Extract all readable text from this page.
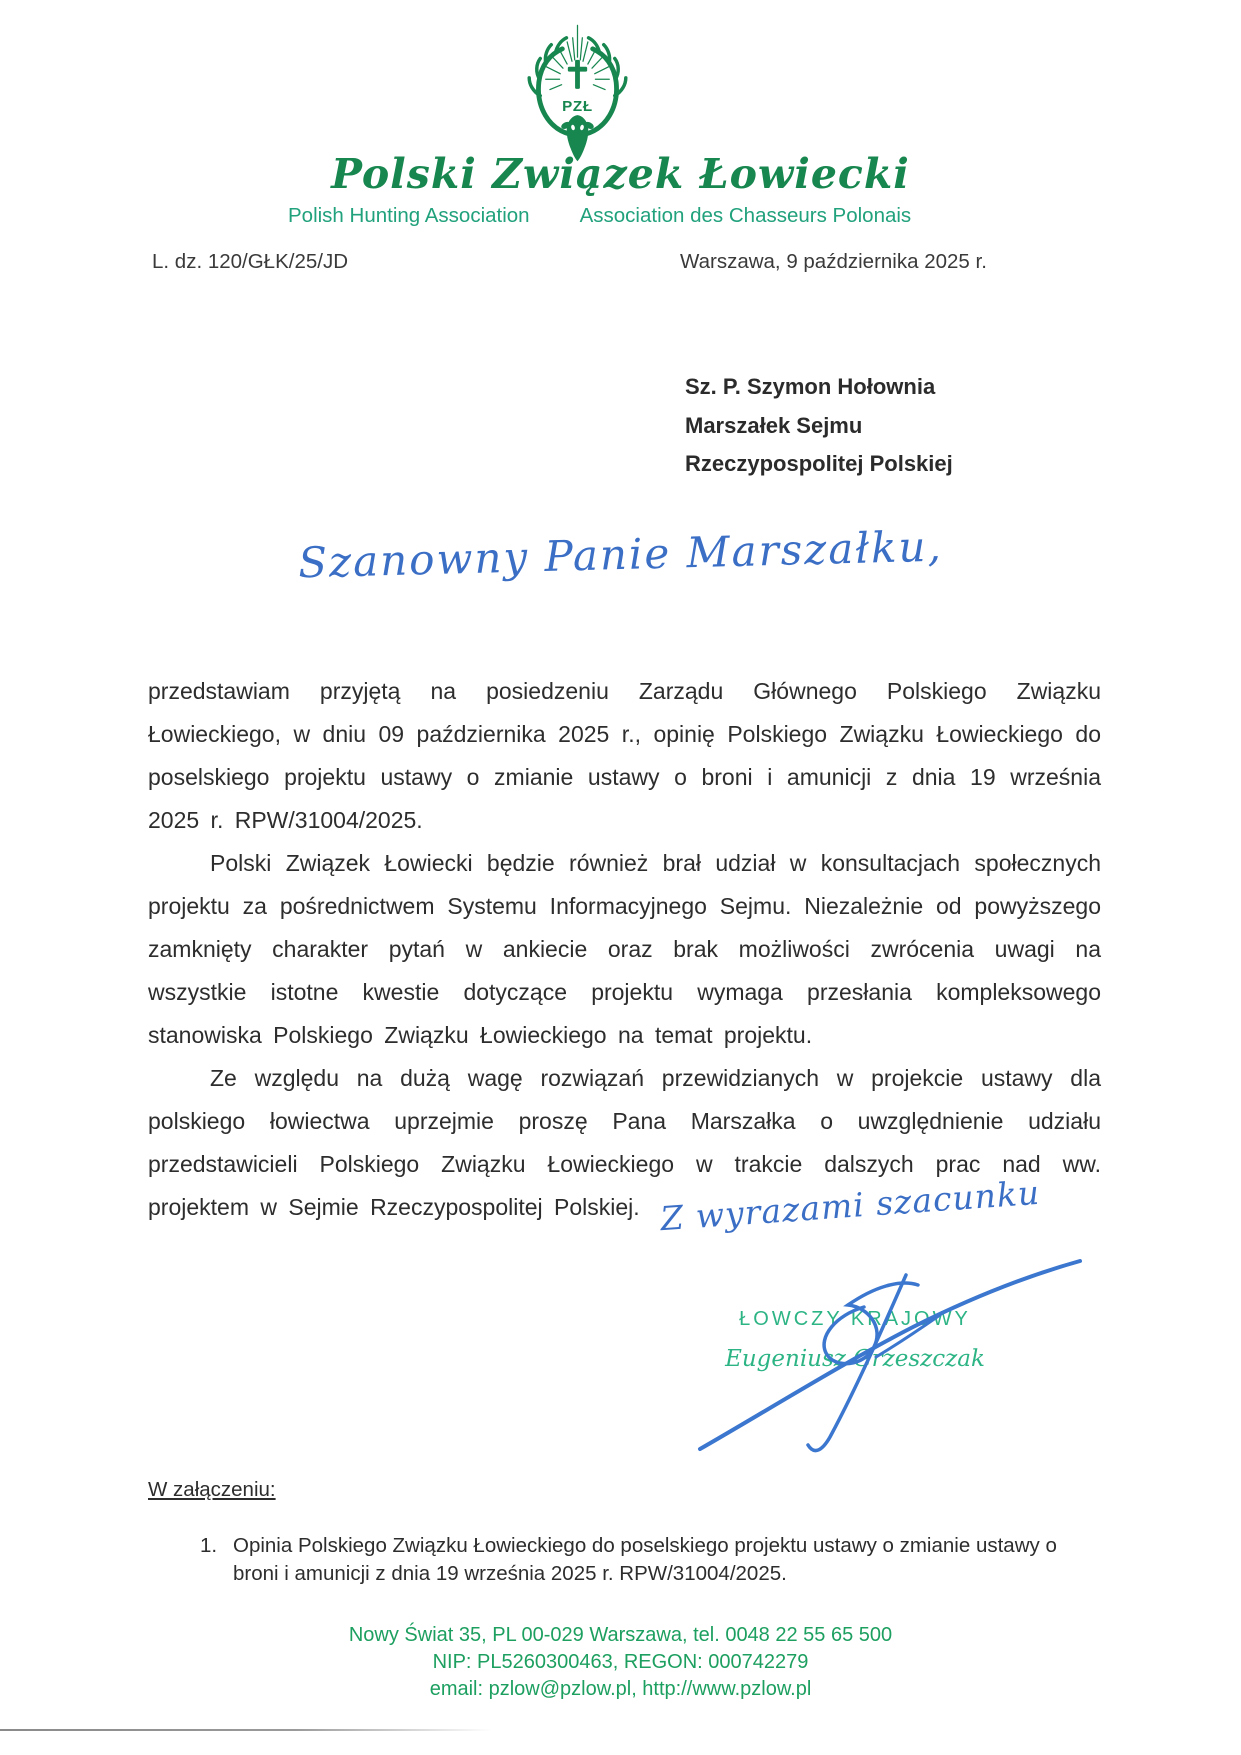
PZŁ
Polski Związek Łowiecki
Polish Hunting Association Association des Chasseurs Polonais
L. dz. 120/GŁK/25/JD	Warszawa, 9 października 2025 r.
Sz. P. Szymon Hołownia
Marszałek Sejmu
Rzeczypospolitej Polskiej
Szanowny Panie Marszałku,

przedstawiam przyjętą na posiedzeniu Zarządu Głównego Polskiego Związku Łowieckiego, w dniu 09 października 2025 r., opinię Polskiego Związku Łowieckiego do poselskiego projektu ustawy o zmianie ustawy o broni i amunicji z dnia 19 września 2025 r. RPW/31004/2025.

Polski Związek Łowiecki będzie również brał udział w konsultacjach społecznych projektu za pośrednictwem Systemu Informacyjnego Sejmu. Niezależnie od powyższego zamknięty charakter pytań w ankiecie oraz brak możliwości zwrócenia uwagi na wszystkie istotne kwestie dotyczące projektu wymaga przesłania kompleksowego stanowiska Polskiego Związku Łowieckiego na temat projektu.

Ze względu na dużą wagę rozwiązań przewidzianych w projekcie ustawy dla polskiego łowiectwa uprzejmie proszę Pana Marszałka o uwzględnienie udziału przedstawicieli Polskiego Związku Łowieckiego w trakcie dalszych prac nad ww. projektem w Sejmie Rzeczypospolitej Polskiej. Z wyrazami szacunku
ŁOWCZY KRAJOWY
Eugeniusz Grzeszczak
W załączeniu:
1. Opinia Polskiego Związku Łowieckiego do poselskiego projektu ustawy o zmianie ustawy o broni i amunicji z dnia 19 września 2025 r. RPW/31004/2025.
Nowy Świat 35, PL 00-029 Warszawa, tel. 0048 22 55 65 500
NIP: PL5260300463, REGON: 000742279
email: pzlow@pzlow.pl, http://www.pzlow.pl
